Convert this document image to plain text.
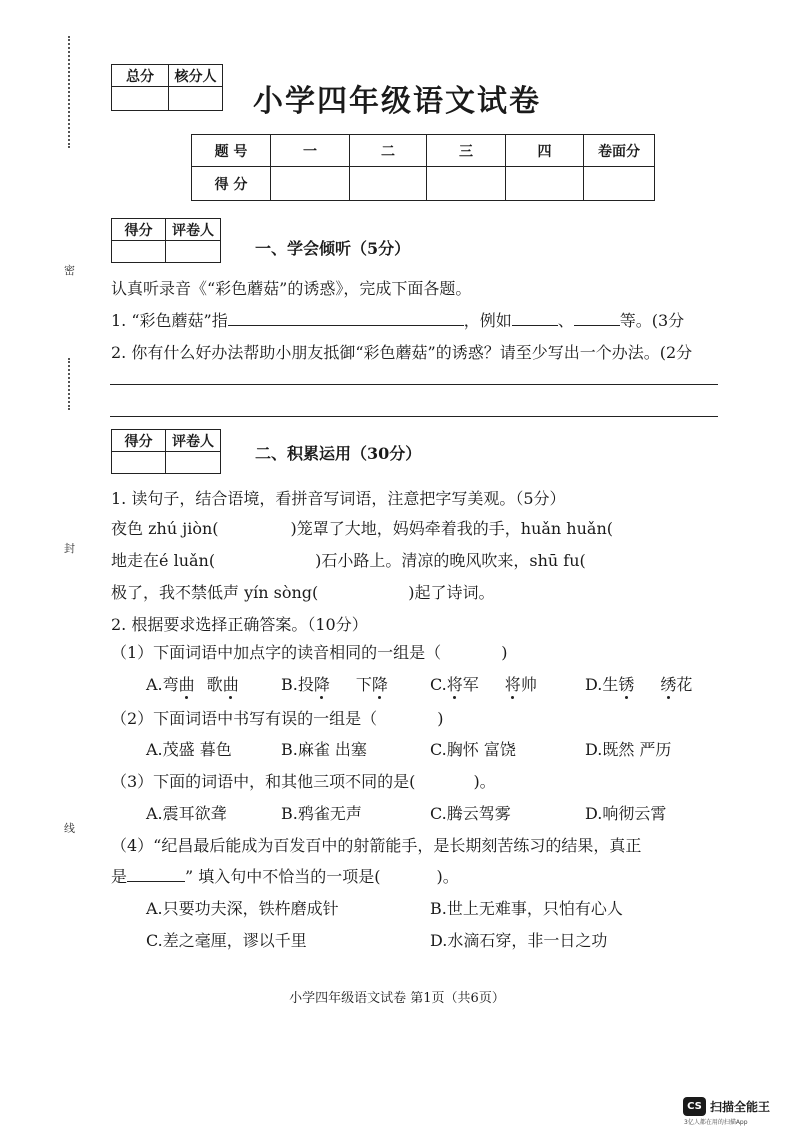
密
封
线
总分	核分人

小学四年级语文试卷
题 号	一	二	三	四	卷面分
得 分					
得分	评卷人

一、学会倾听（5分）
认真听录音《“彩色蘑菇”的诱惑》，完成下面各题。
1. “彩色蘑菇”指	，例如	、	等。(3分
2. 你有什么好办法帮助小朋友抵御“彩色蘑菇”的诱惑？请至少写出一个办法。(2分
得分	评卷人

二、积累运用（30分）
1. 读句子，结合语境，看拼音写词语，注意把字写美观。（5分）
夜色 zhú jiòn(	)笼罩了大地，妈妈牵着我的手，huǎn huǎn(
地走在é luǎn(	)石小路上。清凉的晚风吹来，shū fu(
极了，我不禁低声 yín sòng(	)起了诗词。
2. 根据要求选择正确答案。（10分）
（1）下面词语中加点字的读音相同的一组是（	)
A.弯曲 歌曲	B.投降 下降	C.将军 将帅	D.生锈 绣花
（2）下面词语中书写有误的一组是（	)
A.茂盛 暮色	B.麻雀 出塞	C.胸怀 富饶	D.既然 严历
（3）下面的词语中，和其他三项不同的是(	)。
A.震耳欲聋	B.鸦雀无声	C.腾云驾雾	D.响彻云霄
（4）“纪昌最后能成为百发百中的射箭能手，是长期刻苦练习的结果，真正
是	” 填入句中不恰当的一项是(	)。
A.只要功夫深，铁杵磨成针	B.世上无难事，只怕有心人
C.差之毫厘，谬以千里	D.水滴石穿，非一日之功
小学四年级语文试卷 第1页（共6页）
CS 扫描全能王
3亿人都在用的扫描App
